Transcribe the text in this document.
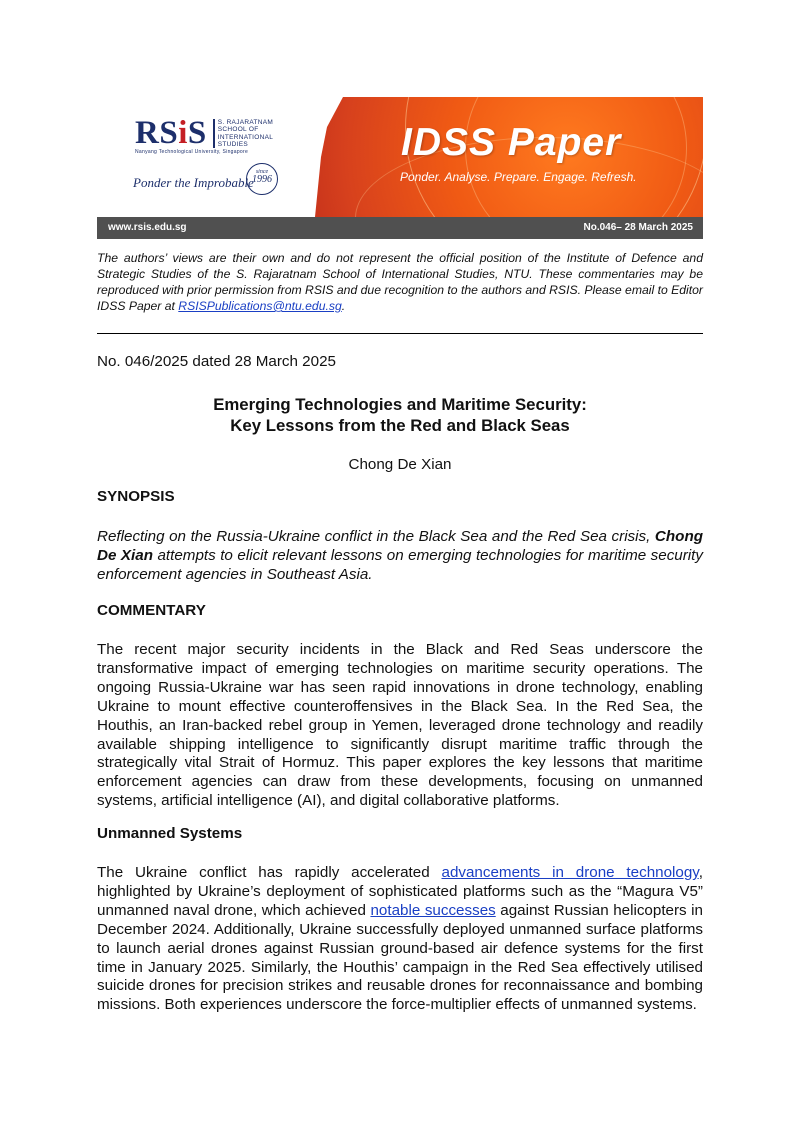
RSiS S. RAJARATNAM
SCHOOL OF
INTERNATIONAL
STUDIES
Nanyang Technological University, Singapore
Ponder the Improbable
since
1996
IDSS Paper
Ponder. Analyse. Prepare. Engage. Refresh.
www.rsis.edu.sg	No.046– 28 March 2025
The authors’ views are their own and do not represent the official position of the Institute of Defence and Strategic Studies of the S. Rajaratnam School of International Studies, NTU. These commentaries may be reproduced with prior permission from RSIS and due recognition to the authors and RSIS. Please email to Editor IDSS Paper at RSISPublications@ntu.edu.sg.
No. 046/2025 dated 28 March 2025
Emerging Technologies and Maritime Security:
Key Lessons from the Red and Black Seas
Chong De Xian
SYNOPSIS
Reflecting on the Russia-Ukraine conflict in the Black Sea and the Red Sea crisis, Chong De Xian attempts to elicit relevant lessons on emerging technologies for maritime security enforcement agencies in Southeast Asia.
COMMENTARY
The recent major security incidents in the Black and Red Seas underscore the transformative impact of emerging technologies on maritime security operations. The ongoing Russia-Ukraine war has seen rapid innovations in drone technology, enabling Ukraine to mount effective counteroffensives in the Black Sea. In the Red Sea, the Houthis, an Iran-backed rebel group in Yemen, leveraged drone technology and readily available shipping intelligence to significantly disrupt maritime traffic through the strategically vital Strait of Hormuz. This paper explores the key lessons that maritime enforcement agencies can draw from these developments, focusing on unmanned systems, artificial intelligence (AI), and digital collaborative platforms.
Unmanned Systems
The Ukraine conflict has rapidly accelerated advancements in drone technology, highlighted by Ukraine’s deployment of sophisticated platforms such as the “Magura V5” unmanned naval drone, which achieved notable successes against Russian helicopters in December 2024. Additionally, Ukraine successfully deployed unmanned surface platforms to launch aerial drones against Russian ground-based air defence systems for the first time in January 2025. Similarly, the Houthis’ campaign in the Red Sea effectively utilised suicide drones for precision strikes and reusable drones for reconnaissance and bombing missions. Both experiences underscore the force-multiplier effects of unmanned systems.
